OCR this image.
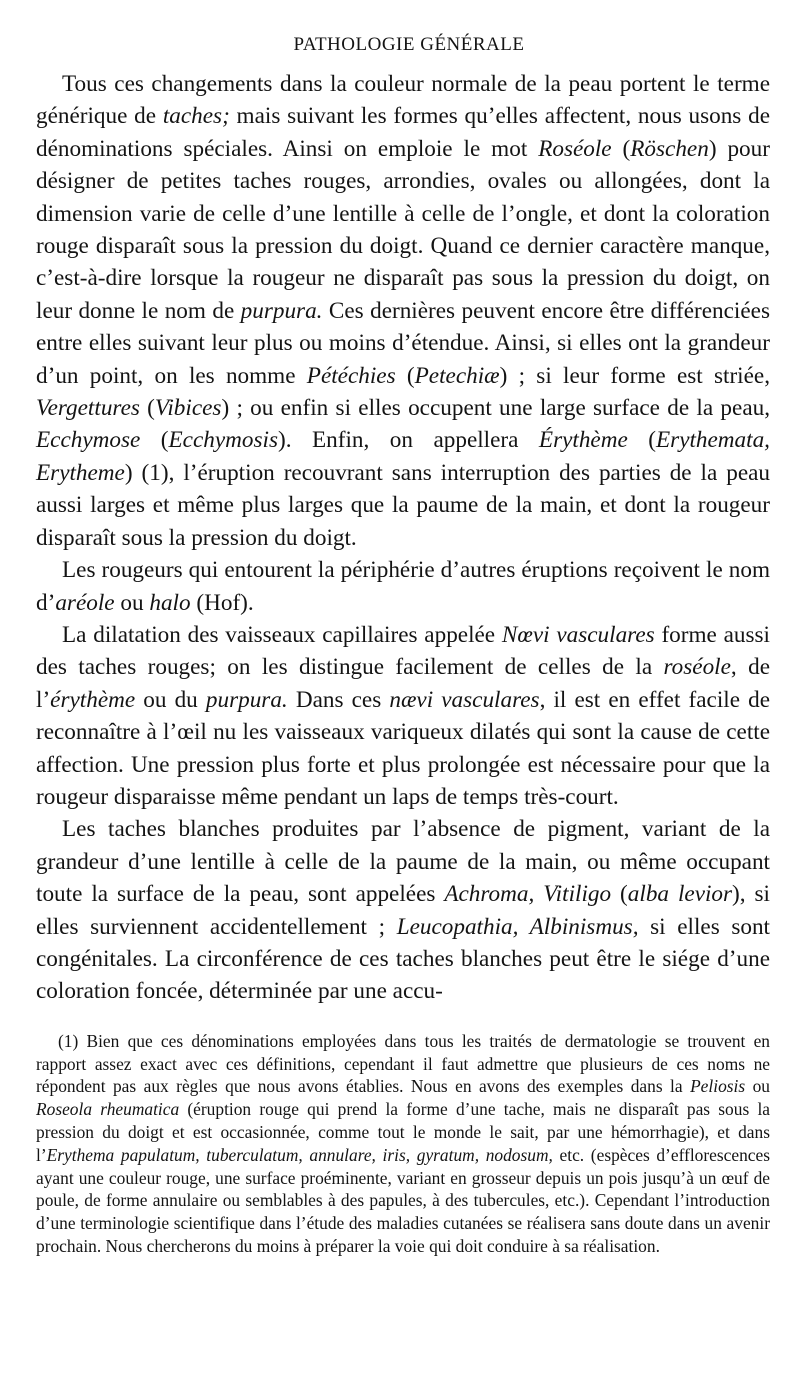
PATHOLOGIE GÉNÉRALE

Tous ces changements dans la couleur normale de la peau portent le terme générique de taches; mais suivant les formes qu’elles affectent, nous usons de dénominations spéciales. Ainsi on emploie le mot Roséole (Röschen) pour désigner de petites taches rouges, arrondies, ovales ou allongées, dont la dimension varie de celle d’une lentille à celle de l’ongle, et dont la coloration rouge disparaît sous la pression du doigt. Quand ce dernier caractère manque, c’est-à-dire lorsque la rougeur ne disparaît pas sous la pression du doigt, on leur donne le nom de purpura. Ces dernières peuvent encore être différenciées entre elles suivant leur plus ou moins d’étendue. Ainsi, si elles ont la grandeur d’un point, on les nomme Pétéchies (Petechiæ) ; si leur forme est striée, Vergettures (Vibices) ; ou enfin si elles occupent une large surface de la peau, Ecchymose (Ecchymosis). Enfin, on appellera Érythème (Erythemata, Erytheme) (1), l’éruption recouvrant sans interruption des parties de la peau aussi larges et même plus larges que la paume de la main, et dont la rougeur disparaît sous la pression du doigt.

Les rougeurs qui entourent la périphérie d’autres éruptions reçoivent le nom d’aréole ou halo (Hof).

La dilatation des vaisseaux capillaires appelée Nœvi vasculares forme aussi des taches rouges; on les distingue facilement de celles de la roséole, de l’érythème ou du purpura. Dans ces nævi vasculares, il est en effet facile de reconnaître à l’œil nu les vaisseaux variqueux dilatés qui sont la cause de cette affection. Une pression plus forte et plus prolongée est nécessaire pour que la rougeur disparaisse même pendant un laps de temps très-court.

Les taches blanches produites par l’absence de pigment, variant de la grandeur d’une lentille à celle de la paume de la main, ou même occupant toute la surface de la peau, sont appelées Achroma, Vitiligo (alba levior), si elles surviennent accidentellement ; Leucopathia, Albinismus, si elles sont congénitales. La circonférence de ces taches blanches peut être le siége d’une coloration foncée, déterminée par une accu-

(1) Bien que ces dénominations employées dans tous les traités de dermatologie se trouvent en rapport assez exact avec ces définitions, cependant il faut admettre que plusieurs de ces noms ne répondent pas aux règles que nous avons établies. Nous en avons des exemples dans la Peliosis ou Roseola rheumatica (éruption rouge qui prend la forme d’une tache, mais ne disparaît pas sous la pression du doigt et est occasionnée, comme tout le monde le sait, par une hémorrhagie), et dans l’Erythema papulatum, tuberculatum, annulare, iris, gyratum, nodosum, etc. (espèces d’efflorescences ayant une couleur rouge, une surface proéminente, variant en grosseur depuis un pois jusqu’à un œuf de poule, de forme annulaire ou semblables à des papules, à des tubercules, etc.). Cependant l’introduction d’une terminologie scientifique dans l’étude des maladies cutanées se réalisera sans doute dans un avenir prochain. Nous chercherons du moins à préparer la voie qui doit conduire à sa réalisation.
